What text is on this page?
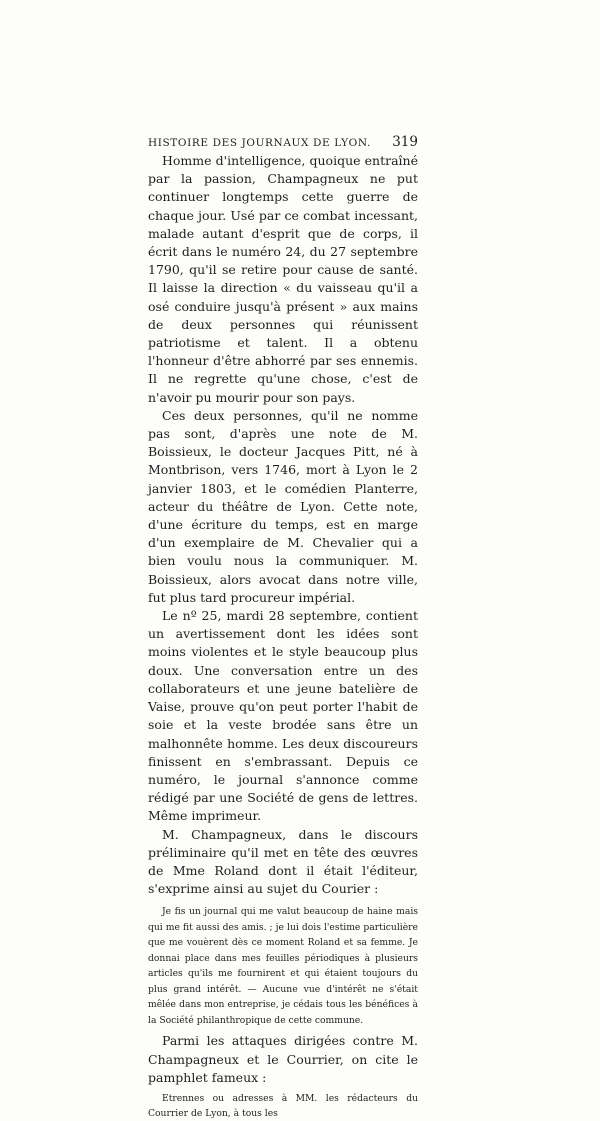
HISTOIRE DES JOURNAUX DE LYON. 319

Homme d'intelligence, quoique entraîné par la passion, Champagneux ne put continuer longtemps cette guerre de chaque jour. Usé par ce combat incessant, malade autant d'esprit que de corps, il écrit dans le numéro 24, du 27 septembre 1790, qu'il se retire pour cause de santé. Il laisse la direction « du vaisseau qu'il a osé conduire jusqu'à présent » aux mains de deux personnes qui réunissent patriotisme et talent. Il a obtenu l'honneur d'être abhorré par ses ennemis. Il ne regrette qu'une chose, c'est de n'avoir pu mourir pour son pays.

Ces deux personnes, qu'il ne nomme pas sont, d'après une note de M. Boissieux, le docteur Jacques Pitt, né à Montbrison, vers 1746, mort à Lyon le 2 janvier 1803, et le comédien Planterre, acteur du théâtre de Lyon. Cette note, d'une écriture du temps, est en marge d'un exemplaire de M. Chevalier qui a bien voulu nous la communiquer. M. Boissieux, alors avocat dans notre ville, fut plus tard procureur impérial.

Le nº 25, mardi 28 septembre, contient un avertissement dont les idées sont moins violentes et le style beaucoup plus doux. Une conversation entre un des collaborateurs et une jeune batelière de Vaise, prouve qu'on peut porter l'habit de soie et la veste brodée sans être un malhonnête homme. Les deux discoureurs finissent en s'embrassant. Depuis ce numéro, le journal s'annonce comme rédigé par une Société de gens de lettres. Même imprimeur.

M. Champagneux, dans le discours préliminaire qu'il met en tête des œuvres de Mme Roland dont il était l'éditeur, s'exprime ainsi au sujet du Courier :

Je fis un journal qui me valut beaucoup de haine mais qui me fit aussi des amis. ; je lui dois l'estime particulière que me vouèrent dès ce moment Roland et sa femme. Je donnai place dans mes feuilles périodiques à plusieurs articles qu'ils me fournirent et qui étaient toujours du plus grand intérêt. — Aucune vue d'intérêt ne s'était mêlée dans mon entreprise, je cédais tous les bénéfices à la Société philanthropique de cette commune.

Parmi les attaques dirigées contre M. Champagneux et le Courrier, on cite le pamphlet fameux :

Etrennes ou adresses à MM. les rédacteurs du Courrier de Lyon, à tous les
